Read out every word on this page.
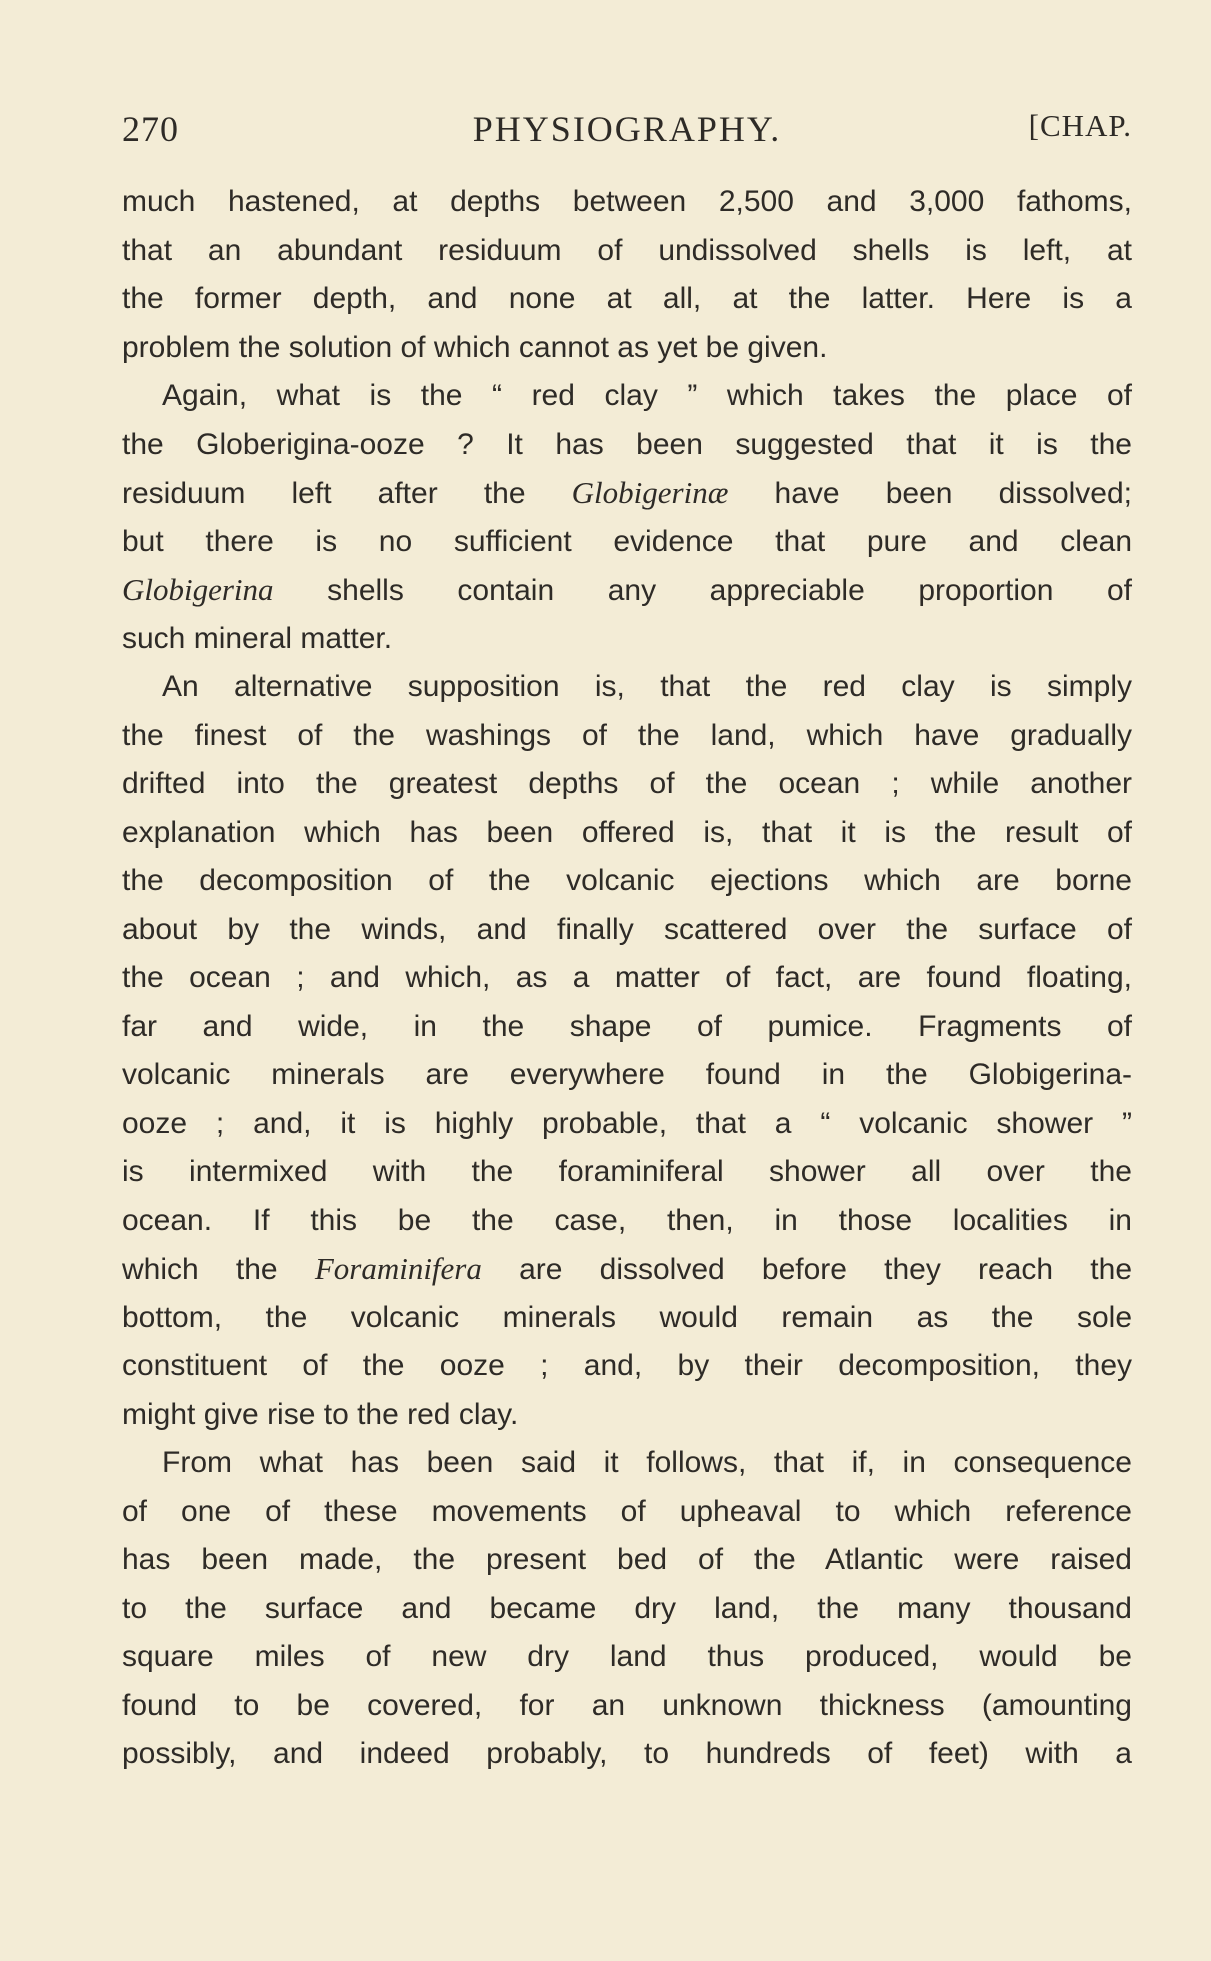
270	PHYSIOGRAPHY.	[CHAP.
much hastened, at depths between 2,500 and 3,000 fathoms,
that an abundant residuum of undissolved shells is left, at
the former depth, and none at all, at the latter. Here is a
problem the solution of which cannot as yet be given.
Again, what is the “ red clay ” which takes the place of
the Globerigina-ooze ? It has been suggested that it is the
residuum left after the Globigerinæ have been dissolved;
but there is no sufficient evidence that pure and clean
Globigerina shells contain any appreciable proportion of
such mineral matter.
An alternative supposition is, that the red clay is simply
the finest of the washings of the land, which have gradually
drifted into the greatest depths of the ocean ; while another
explanation which has been offered is, that it is the result of
the decomposition of the volcanic ejections which are borne
about by the winds, and finally scattered over the surface of
the ocean ; and which, as a matter of fact, are found floating,
far and wide, in the shape of pumice. Fragments of
volcanic minerals are everywhere found in the Globigerina-
ooze ; and, it is highly probable, that a “ volcanic shower ”
is intermixed with the foraminiferal shower all over the
ocean. If this be the case, then, in those localities in
which the Foraminifera are dissolved before they reach the
bottom, the volcanic minerals would remain as the sole
constituent of the ooze ; and, by their decomposition, they
might give rise to the red clay.
From what has been said it follows, that if, in consequence
of one of these movements of upheaval to which reference
has been made, the present bed of the Atlantic were raised
to the surface and became dry land, the many thousand
square miles of new dry land thus produced, would be
found to be covered, for an unknown thickness (amounting
possibly, and indeed probably, to hundreds of feet) with a
